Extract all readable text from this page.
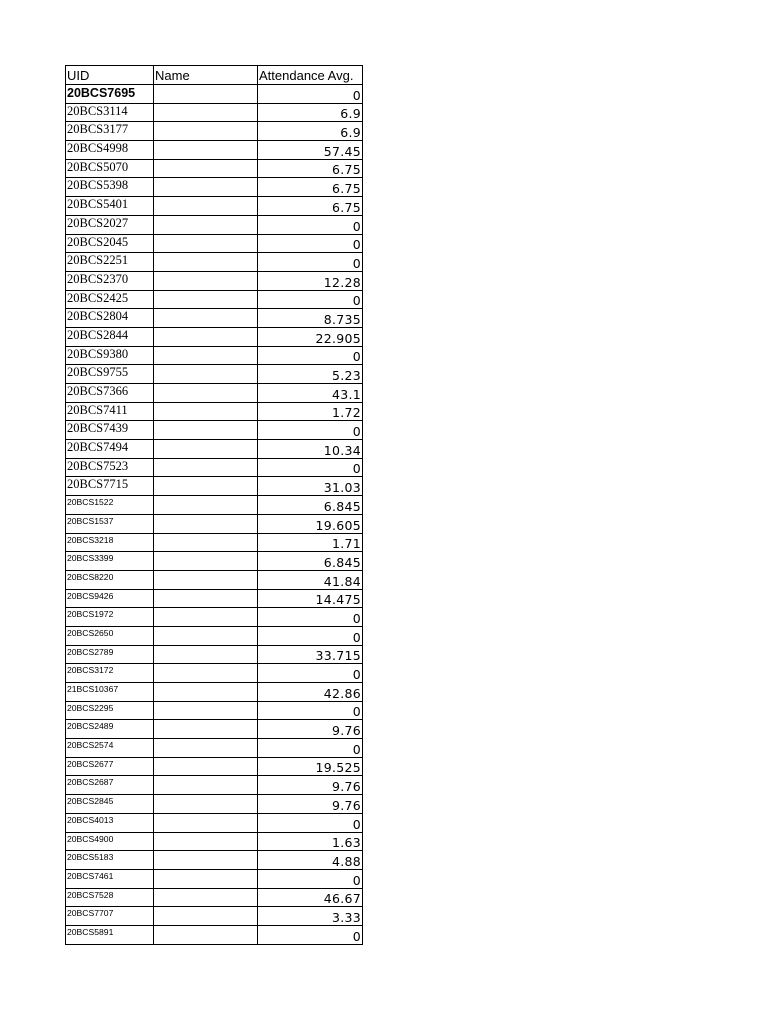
UID	Name	Attendance Avg.
20BCS7695		0
20BCS3114		6.9
20BCS3177		6.9
20BCS4998		57.45
20BCS5070		6.75
20BCS5398		6.75
20BCS5401		6.75
20BCS2027		0
20BCS2045		0
20BCS2251		0
20BCS2370		12.28
20BCS2425		0
20BCS2804		8.735
20BCS2844		22.905
20BCS9380		0
20BCS9755		5.23
20BCS7366		43.1
20BCS7411		1.72
20BCS7439		0
20BCS7494		10.34
20BCS7523		0
20BCS7715		31.03
20BCS1522		6.845
20BCS1537		19.605
20BCS3218		1.71
20BCS3399		6.845
20BCS8220		41.84
20BCS9426		14.475
20BCS1972		0
20BCS2650		0
20BCS2789		33.715
20BCS3172		0
21BCS10367		42.86
20BCS2295		0
20BCS2489		9.76
20BCS2574		0
20BCS2677		19.525
20BCS2687		9.76
20BCS2845		9.76
20BCS4013		0
20BCS4900		1.63
20BCS5183		4.88
20BCS7461		0
20BCS7528		46.67
20BCS7707		3.33
20BCS5891		0
